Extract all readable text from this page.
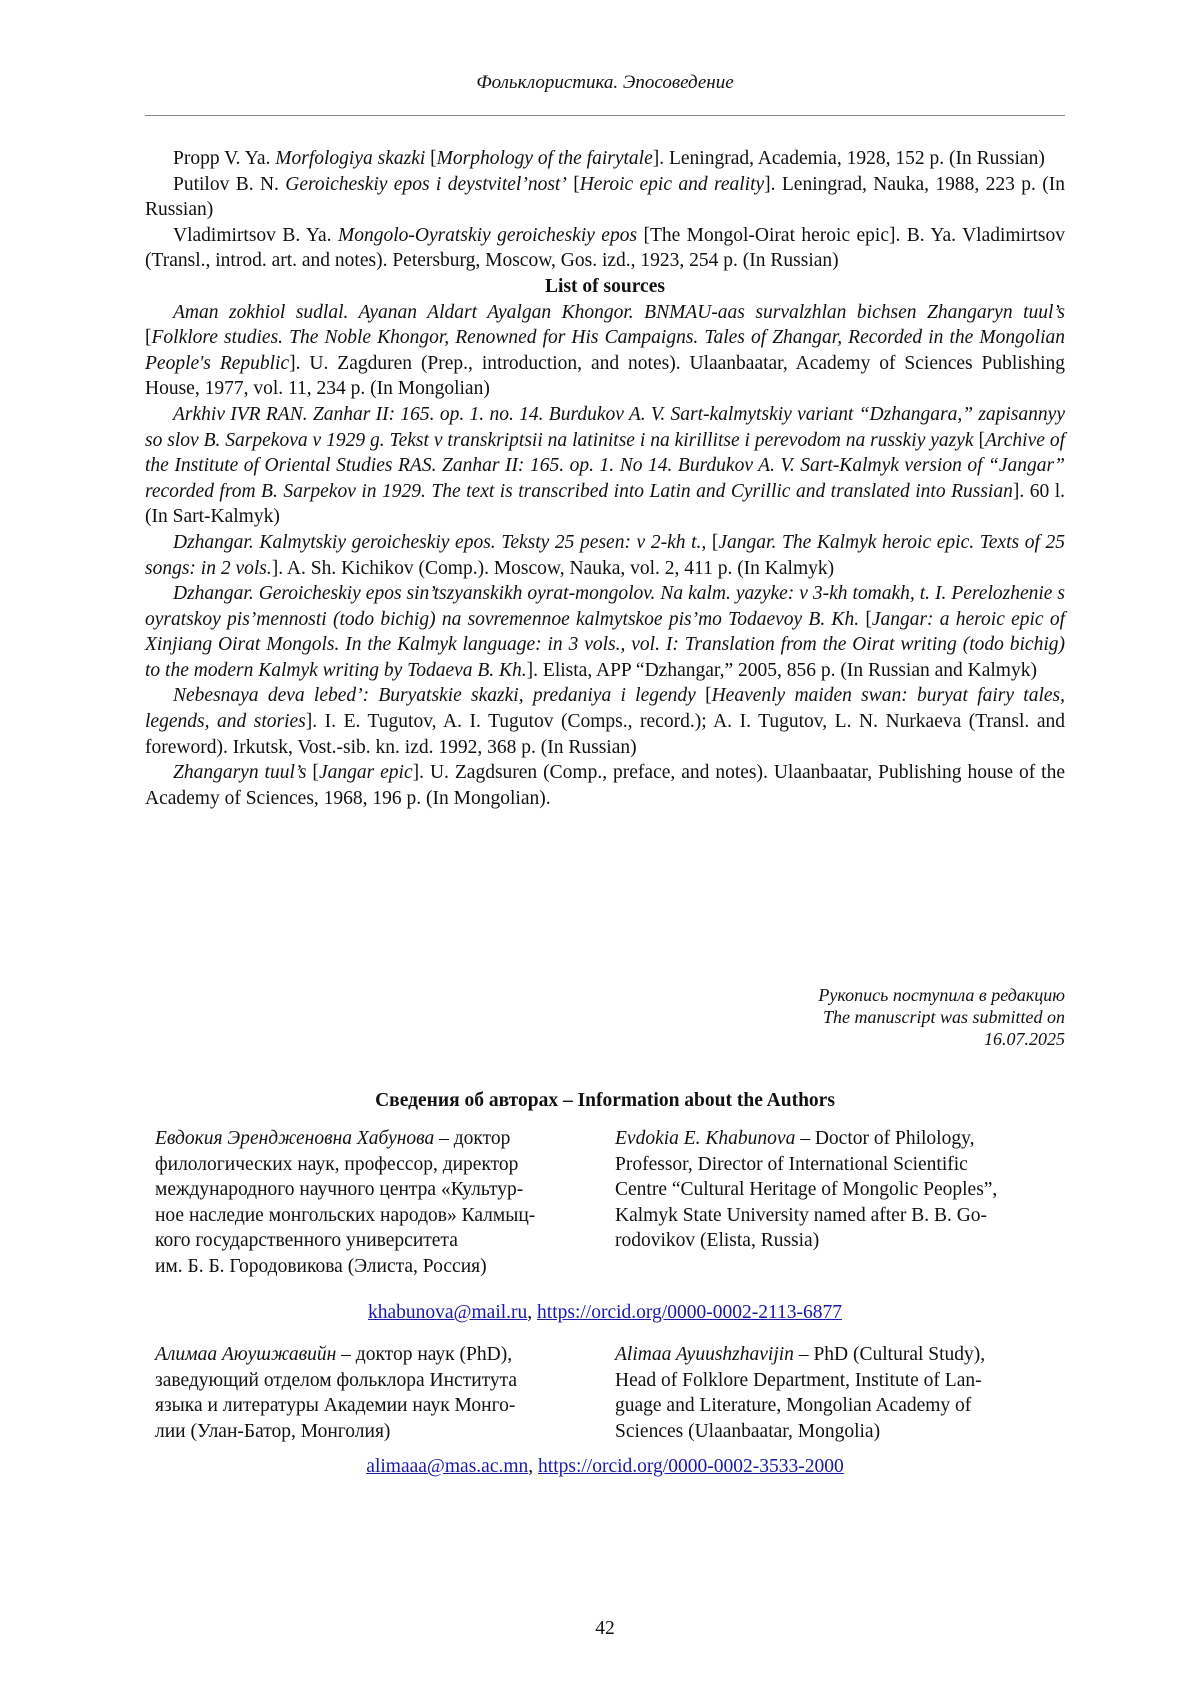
Фольклористика. Эпосоведение

Propp V. Ya. Morfologiya skazki [Morphology of the fairytale]. Leningrad, Academia, 1928, 152 p. (In Russian)

Putilov B. N. Geroicheskiy epos i deystvitel’nost’ [Heroic epic and reality]. Leningrad, Nauka, 1988, 223 p. (In Russian)

Vladimirtsov B. Ya. Mongolo-Oyratskiy geroicheskiy epos [The Mongol-Oirat heroic epic]. B. Ya. Vladimirtsov (Transl., introd. art. and notes). Petersburg, Moscow, Gos. izd., 1923, 254 p. (In Russian)

List of sources

Aman zokhiol sudlal. Ayanan Aldart Ayalgan Khongor. BNMAU-aas survalzhlan bichsen Zhangaryn tuul’s [Folklore studies. The Noble Khongor, Renowned for His Campaigns. Tales of Zhangar, Recorded in the Mongolian People's Republic]. U. Zagduren (Prep., introduction, and notes). Ulaanbaatar, Academy of Sciences Publishing House, 1977, vol. 11, 234 p. (In Mongolian)

Arkhiv IVR RAN. Zanhar II: 165. op. 1. no. 14. Burdukov A. V. Sart-kalmytskiy variant “Dzhangara,” zapisannyy so slov B. Sarpekova v 1929 g. Tekst v transkriptsii na latinitse i na kirillitse i perevodom na russkiy yazyk [Archive of the Institute of Oriental Studies RAS. Zanhar II: 165. op. 1. No 14. Burdukov A. V. Sart-Kalmyk version of “Jangar” recorded from B. Sarpekov in 1929. The text is transcribed into Latin and Cyrillic and translated into Russian]. 60 l. (In Sart-Kalmyk)

Dzhangar. Kalmytskiy geroicheskiy epos. Teksty 25 pesen: v 2-kh t., [Jangar. The Kalmyk heroic epic. Texts of 25 songs: in 2 vols.]. A. Sh. Kichikov (Comp.). Moscow, Nauka, vol. 2, 411 p. (In Kalmyk)

Dzhangar. Geroicheskiy epos sin’tszyanskikh oyrat-mongolov. Na kalm. yazyke: v 3-kh tomakh, t. I. Perelozhenie s oyratskoy pis’mennosti (todo bichig) na sovremennoe kalmytskoe pis’mo Todaevoy B. Kh. [Jangar: a heroic epic of Xinjiang Oirat Mongols. In the Kalmyk language: in 3 vols., vol. I: Translation from the Oirat writing (todo bichig) to the modern Kalmyk writing by Todaeva B. Kh.]. Elista, APP “Dzhangar,” 2005, 856 p. (In Russian and Kalmyk)

Nebesnaya deva lebed’: Buryatskie skazki, predaniya i legendy [Heavenly maiden swan: buryat fairy tales, legends, and stories]. I. E. Tugutov, A. I. Tugutov (Comps., record.); A. I. Tugutov, L. N. Nurkaeva (Transl. and foreword). Irkutsk, Vost.-sib. kn. izd. 1992, 368 p. (In Russian)

Zhangaryn tuul’s [Jangar epic]. U. Zagdsuren (Comp., preface, and notes). Ulaanbaatar, Publishing house of the Academy of Sciences, 1968, 196 p. (In Mongolian).

Рукопись поступила в редакцию
The manuscript was submitted on
16.07.2025
Сведения об авторах – Information about the Authors
Евдокия Эрендженовна Хабунова – доктор
филологических наук, профессор, директор
международного научного центра «Культур-
ное наследие монгольских народов» Калмыц-
кого государственного университета
им. Б. Б. Городовикова (Элиста, Россия)
Evdokia E. Khabunova – Doctor of Philology,
Professor, Director of International Scientific
Centre “Cultural Heritage of Mongolic Peoples”,
Kalmyk State University named after B. B. Go-
rodovikov (Elista, Russia)
khabunova@mail.ru, https://orcid.org/0000-0002-2113-6877
Алимаа Аюушжавийн – доктор наук (PhD),
заведующий отделом фольклора Института
языка и литературы Академии наук Монго-
лии (Улан-Батор, Монголия)
Alimaa Ayuushzhavijin – PhD (Cultural Study),
Head of Folklore Department, Institute of Lan-
guage and Literature, Mongolian Academy of
Sciences (Ulaanbaatar, Mongolia)
alimaaa@mas.ac.mn, https://orcid.org/0000-0002-3533-2000
42
